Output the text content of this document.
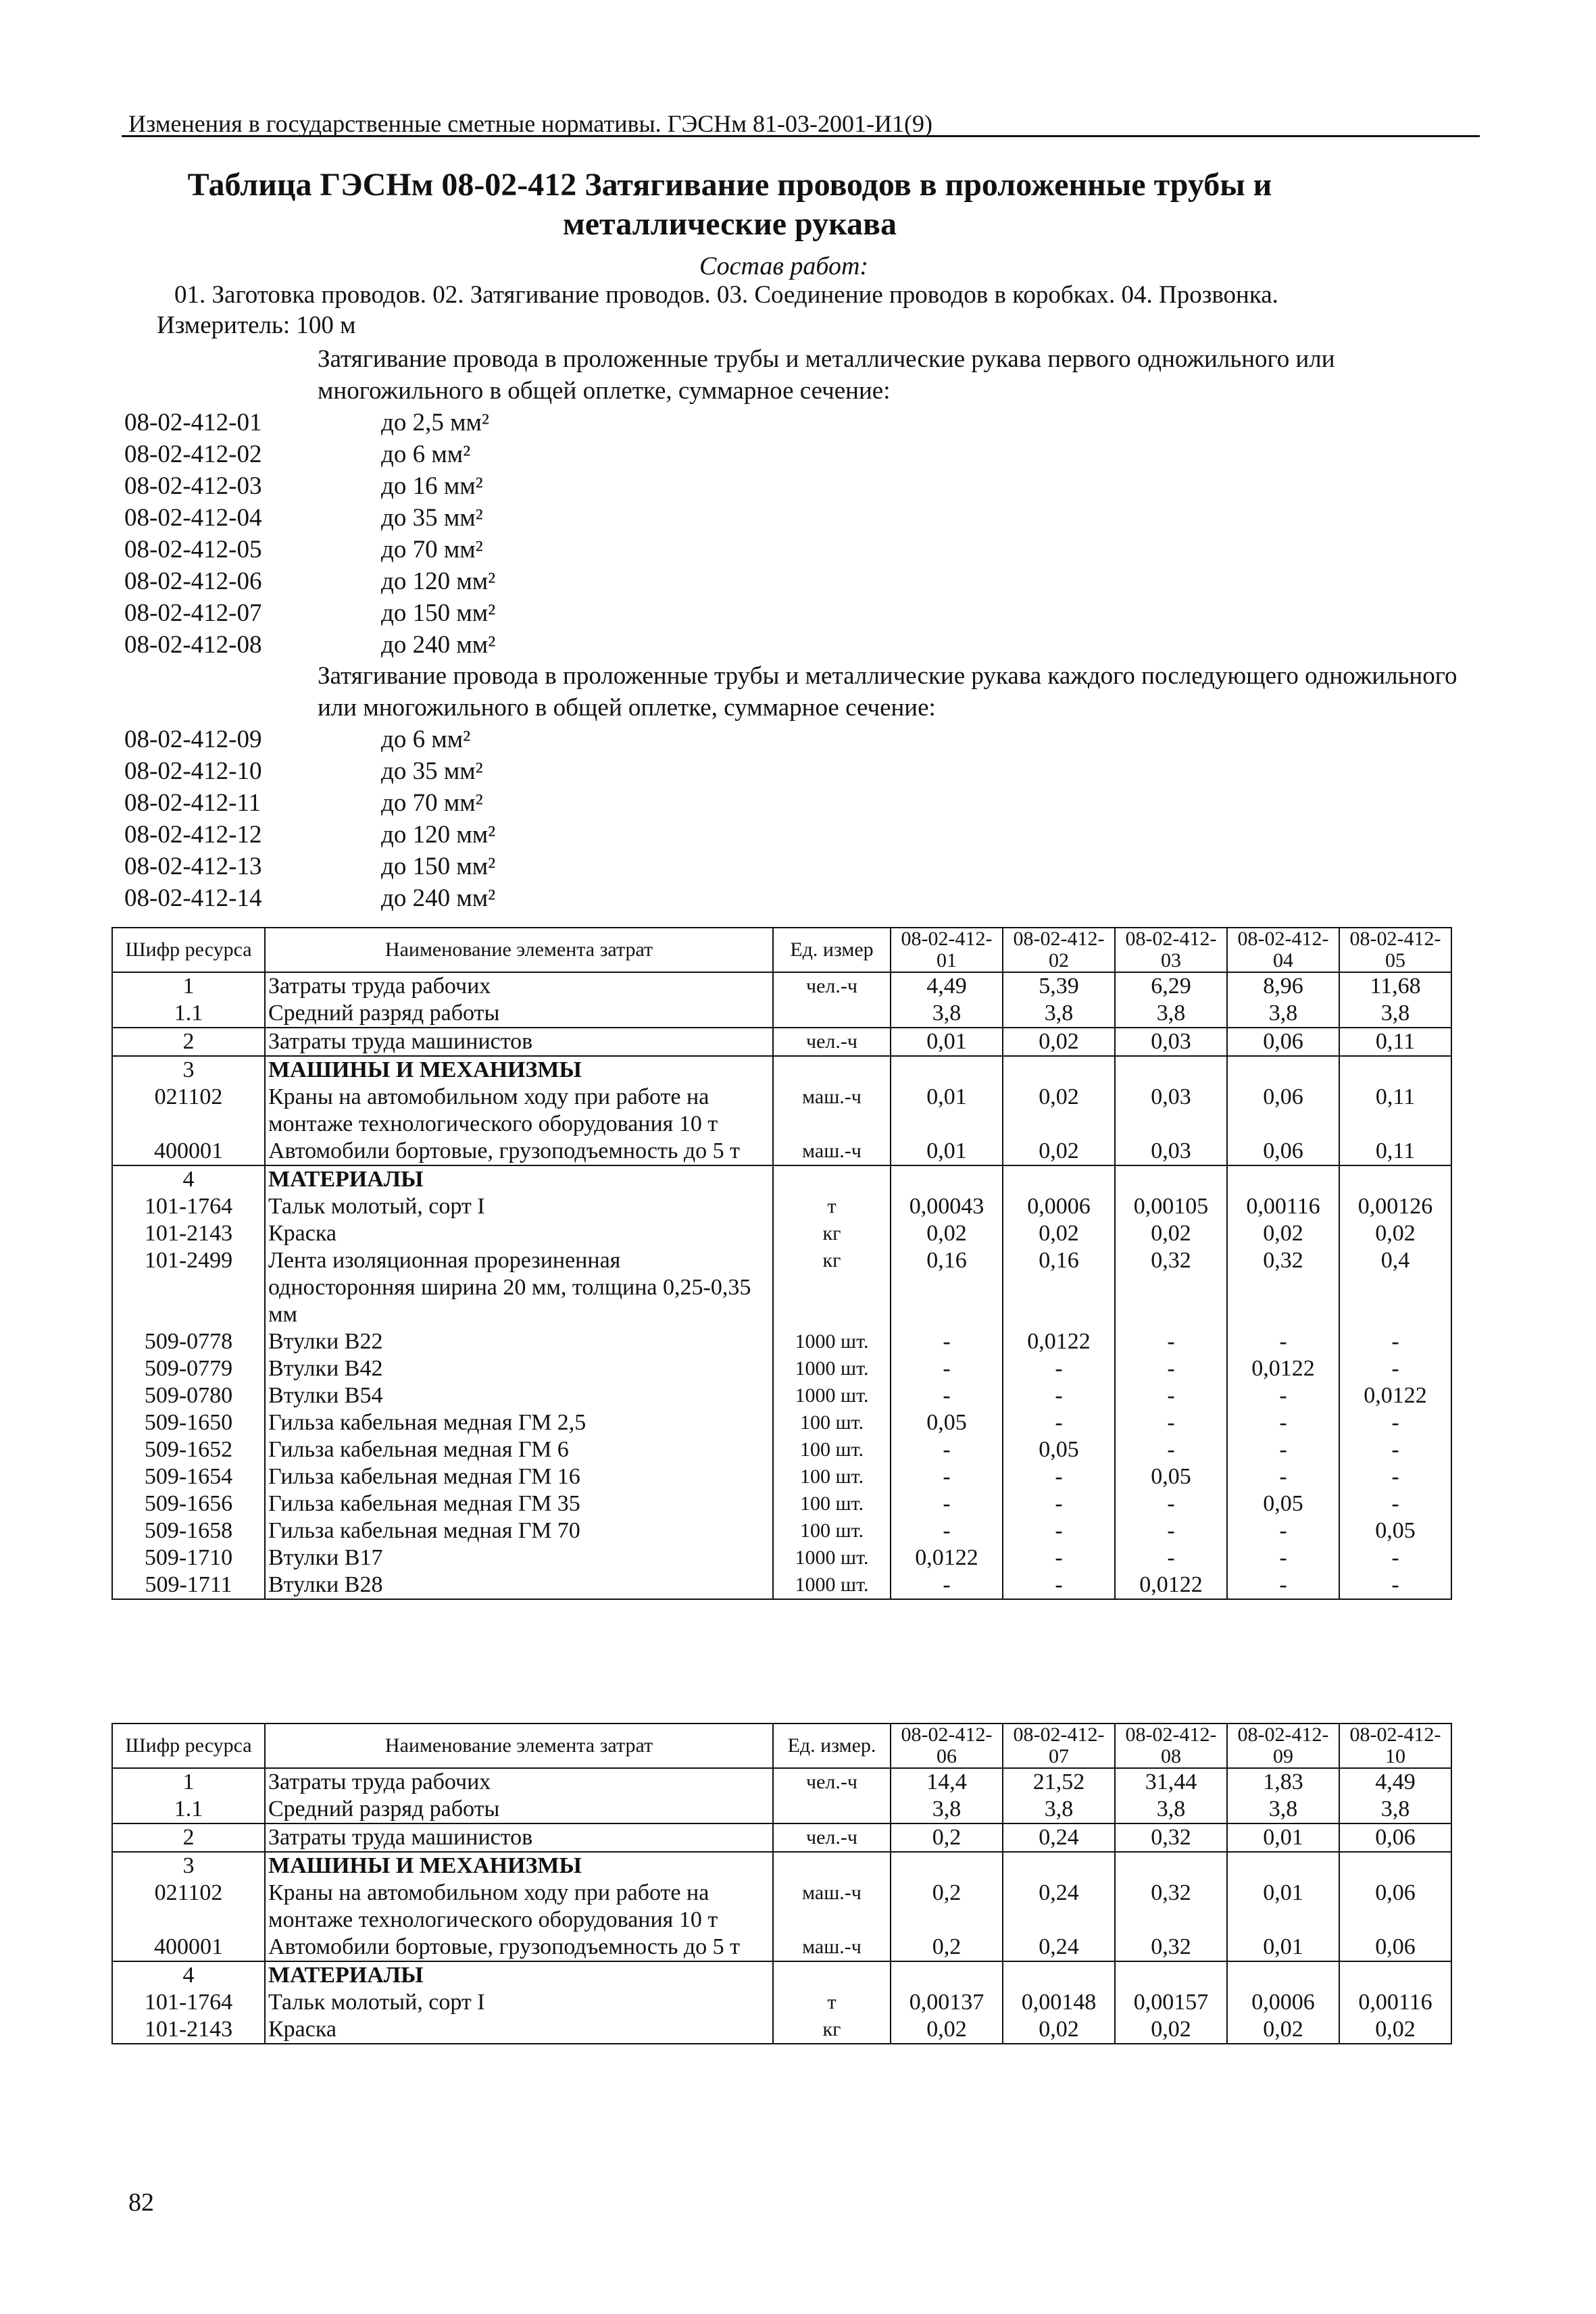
Изменения в государственные сметные нормативы. ГЭСНм 81-03-2001-И1(9)
Таблица ГЭСНм 08-02-412 Затягивание проводов в проложенные трубы и металлические рукава
Состав работ:
01. Заготовка проводов. 02. Затягивание проводов. 03. Соединение проводов в коробках. 04. Прозвонка.
Измеритель: 100 м
Затягивание провода в проложенные трубы и металлические рукава первого одножильного или многожильного в общей оплетке, суммарное сечение:
08-02-412-01	до 2,5 мм²
08-02-412-02	до 6 мм²
08-02-412-03	до 16 мм²
08-02-412-04	до 35 мм²
08-02-412-05	до 70 мм²
08-02-412-06	до 120 мм²
08-02-412-07	до 150 мм²
08-02-412-08	до 240 мм²
Затягивание провода в проложенные трубы и металлические рукава каждого последующего одножильного или многожильного в общей оплетке, суммарное сечение:
08-02-412-09	до 6 мм²
08-02-412-10	до 35 мм²
08-02-412-11	до 70 мм²
08-02-412-12	до 120 мм²
08-02-412-13	до 150 мм²
08-02-412-14	до 240 мм²
Шифр ресурса	Наименование элемента затрат	Ед. измер	08-02-412-01	08-02-412-02	08-02-412-03	08-02-412-04	08-02-412-05
1	Затраты труда рабочих	чел.-ч	4,49	5,39	6,29	8,96	11,68
1.1	Средний разряд работы		3,8	3,8	3,8	3,8	3,8
2	Затраты труда машинистов	чел.-ч	0,01	0,02	0,03	0,06	0,11
3	МАШИНЫ И МЕХАНИЗМЫ						
021102	Краны на автомобильном ходу при работе на монтаже технологического оборудования 10 т	маш.-ч	0,01	0,02	0,03	0,06	0,11
400001	Автомобили бортовые, грузоподъемность до 5 т	маш.-ч	0,01	0,02	0,03	0,06	0,11
4	МАТЕРИАЛЫ						
101-1764	Тальк молотый, сорт I	т	0,00043	0,0006	0,00105	0,00116	0,00126
101-2143	Краска	кг	0,02	0,02	0,02	0,02	0,02
101-2499	Лента изоляционная прорезиненная односторонняя ширина 20 мм, толщина 0,25-0,35 мм	кг	0,16	0,16	0,32	0,32	0,4
509-0778	Втулки В22	1000 шт.	-	0,0122	-	-	-
509-0779	Втулки В42	1000 шт.	-	-	-	0,0122	-
509-0780	Втулки В54	1000 шт.	-	-	-	-	0,0122
509-1650	Гильза кабельная медная ГМ 2,5	100 шт.	0,05	-	-	-	-
509-1652	Гильза кабельная медная ГМ 6	100 шт.	-	0,05	-	-	-
509-1654	Гильза кабельная медная ГМ 16	100 шт.	-	-	0,05	-	-
509-1656	Гильза кабельная медная ГМ 35	100 шт.	-	-	-	0,05	-
509-1658	Гильза кабельная медная ГМ 70	100 шт.	-	-	-	-	0,05
509-1710	Втулки В17	1000 шт.	0,0122	-	-	-	-
509-1711	Втулки В28	1000 шт.	-	-	0,0122	-	-
Шифр ресурса	Наименование элемента затрат	Ед. измер.	08-02-412-06	08-02-412-07	08-02-412-08	08-02-412-09	08-02-412-10
1	Затраты труда рабочих	чел.-ч	14,4	21,52	31,44	1,83	4,49
1.1	Средний разряд работы		3,8	3,8	3,8	3,8	3,8
2	Затраты труда машинистов	чел.-ч	0,2	0,24	0,32	0,01	0,06
3	МАШИНЫ И МЕХАНИЗМЫ						
021102	Краны на автомобильном ходу при работе на монтаже технологического оборудования 10 т	маш.-ч	0,2	0,24	0,32	0,01	0,06
400001	Автомобили бортовые, грузоподъемность до 5 т	маш.-ч	0,2	0,24	0,32	0,01	0,06
4	МАТЕРИАЛЫ						
101-1764	Тальк молотый, сорт I	т	0,00137	0,00148	0,00157	0,0006	0,00116
101-2143	Краска	кг	0,02	0,02	0,02	0,02	0,02
82
